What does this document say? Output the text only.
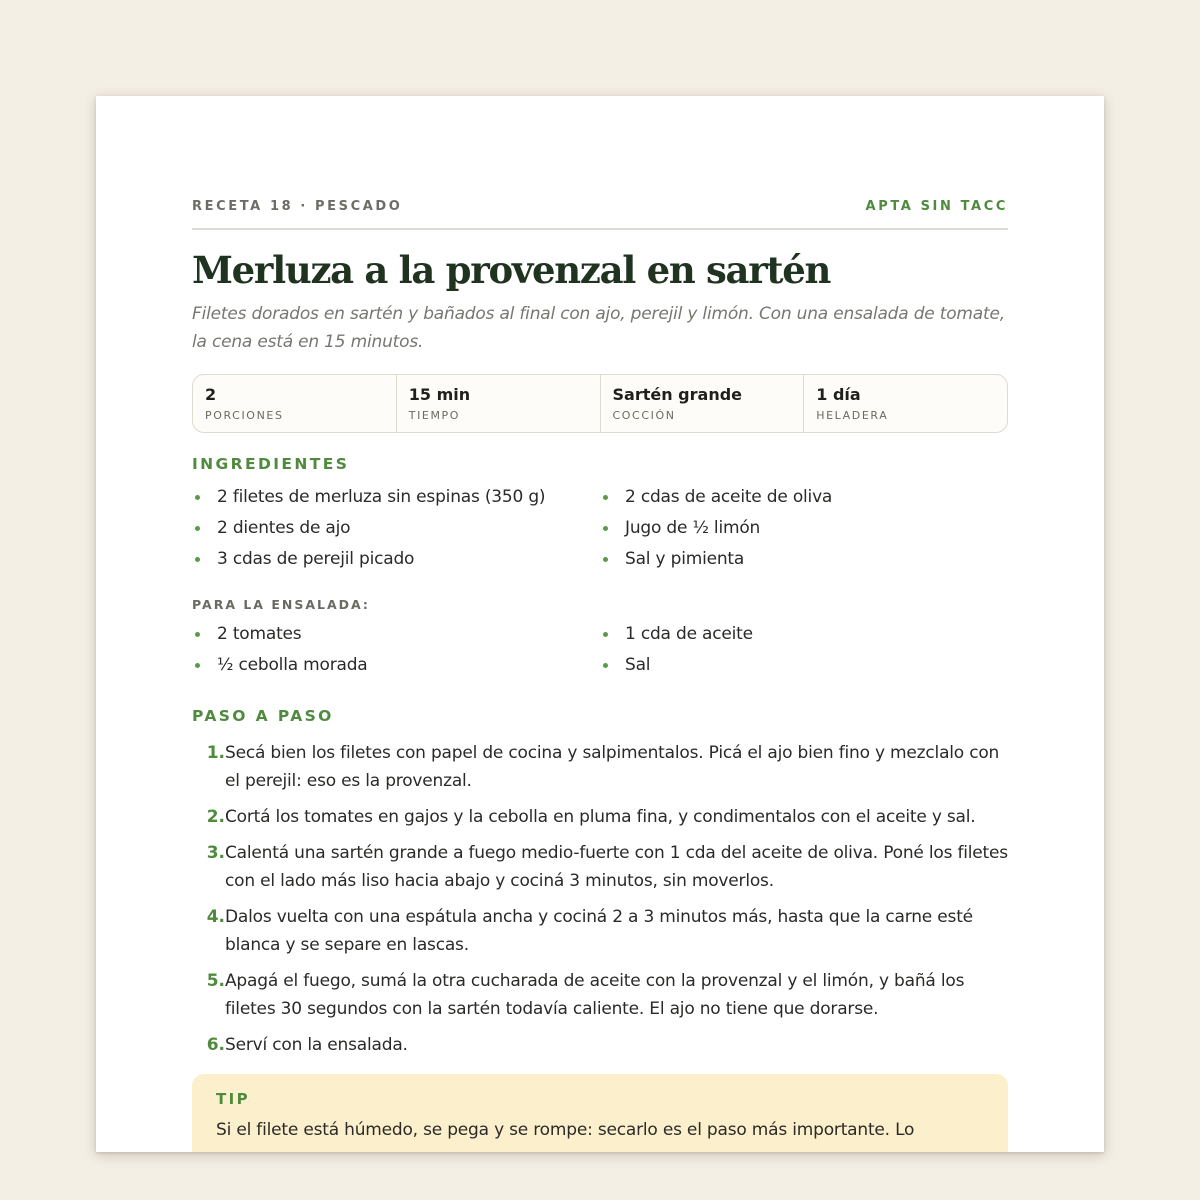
RECETA 18 · PESCADO	APTA SIN TACC
Merluza a la provenzal en sartén
Filetes dorados en sartén y bañados al final con ajo, perejil y limón. Con una ensalada de tomate, la cena está en 15 minutos.
2
PORCIONES
15 min
TIEMPO
Sartén grande
COCCIÓN
1 día
HELADERA
INGREDIENTES
2 filetes de merluza sin espinas (350 g)
2 dientes de ajo
3 cdas de perejil picado
2 cdas de aceite de oliva
Jugo de ½ limón
Sal y pimienta
PARA LA ENSALADA:
2 tomates
½ cebolla morada
1 cda de aceite
Sal
PASO A PASO
1. Secá bien los filetes con papel de cocina y salpimentalos. Picá el ajo bien fino y mezclalo con el perejil: eso es la provenzal.
2. Cortá los tomates en gajos y la cebolla en pluma fina, y condimentalos con el aceite y sal.
3. Calentá una sartén grande a fuego medio-fuerte con 1 cda del aceite de oliva. Poné los filetes con el lado más liso hacia abajo y cociná 3 minutos, sin moverlos.
4. Dalos vuelta con una espátula ancha y cociná 2 a 3 minutos más, hasta que la carne esté blanca y se separe en lascas.
5. Apagá el fuego, sumá la otra cucharada de aceite con la provenzal y el limón, y bañá los filetes 30 segundos con la sartén todavía caliente. El ajo no tiene que dorarse.
6. Serví con la ensalada.
TIP
Si el filete está húmedo, se pega y se rompe: secarlo es el paso más importante. Lo
